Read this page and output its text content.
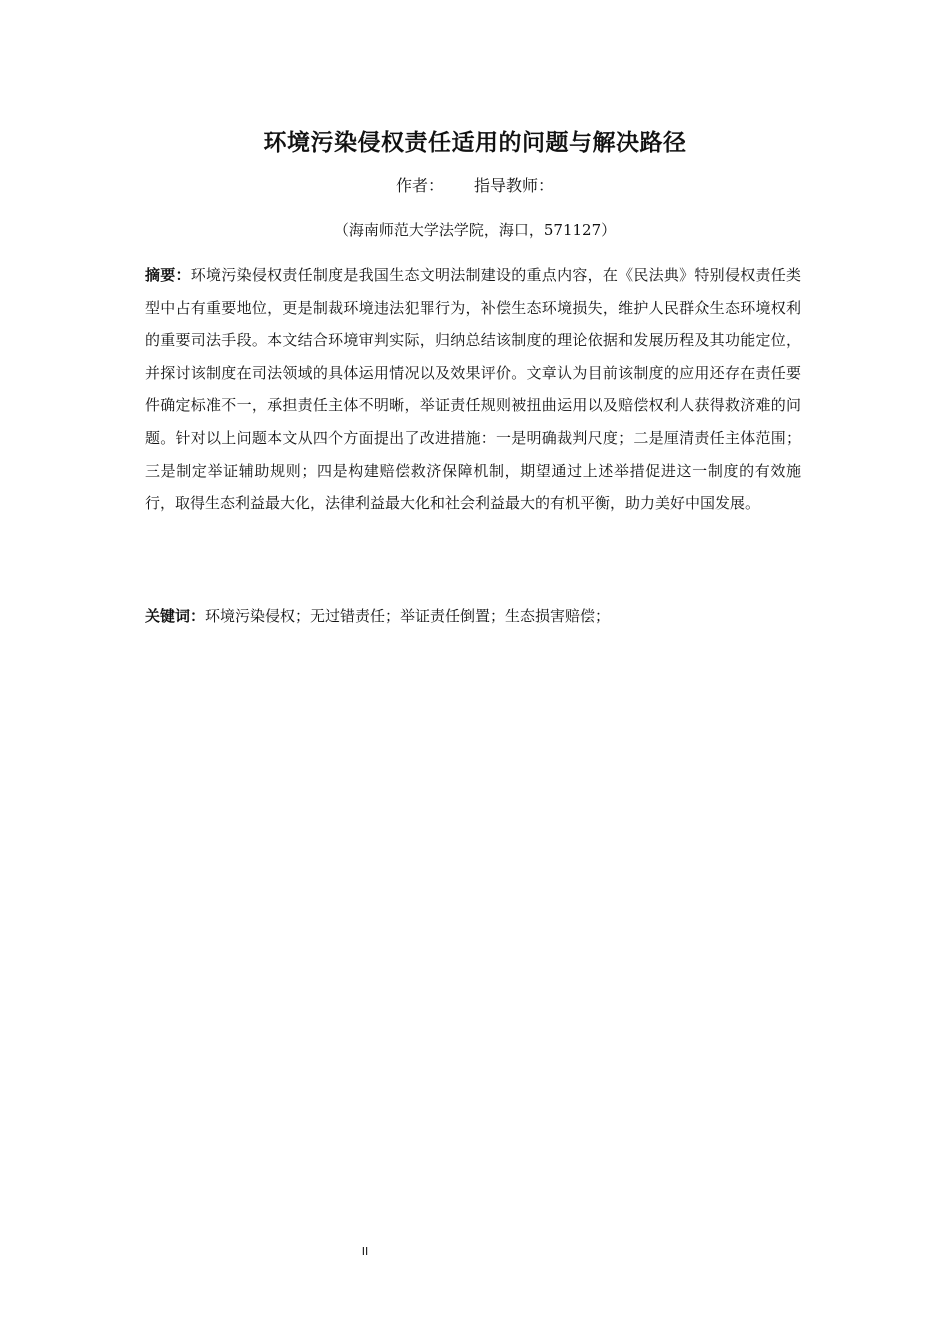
环境污染侵权责任适用的问题与解决路径
作者： 指导教师：
（海南师范大学法学院，海口，571127）

摘要：环境污染侵权责任制度是我国生态文明法制建设的重点内容，在《民法典》特别侵权责任类型中占有重要地位，更是制裁环境违法犯罪行为，补偿生态环境损失，维护人民群众生态环境权利的重要司法手段。本文结合环境审判实际，归纳总结该制度的理论依据和发展历程及其功能定位，并探讨该制度在司法领域的具体运用情况以及效果评价。文章认为目前该制度的应用还存在责任要件确定标准不一，承担责任主体不明晰，举证责任规则被扭曲运用以及赔偿权利人获得救济难的问题。针对以上问题本文从四个方面提出了改进措施：一是明确裁判尺度；二是厘清责任主体范围；三是制定举证辅助规则；四是构建赔偿救济保障机制，期望通过上述举措促进这一制度的有效施行，取得生态利益最大化，法律利益最大化和社会利益最大的有机平衡，助力美好中国发展。

关键词：环境污染侵权；无过错责任；举证责任倒置；生态损害赔偿；

II
